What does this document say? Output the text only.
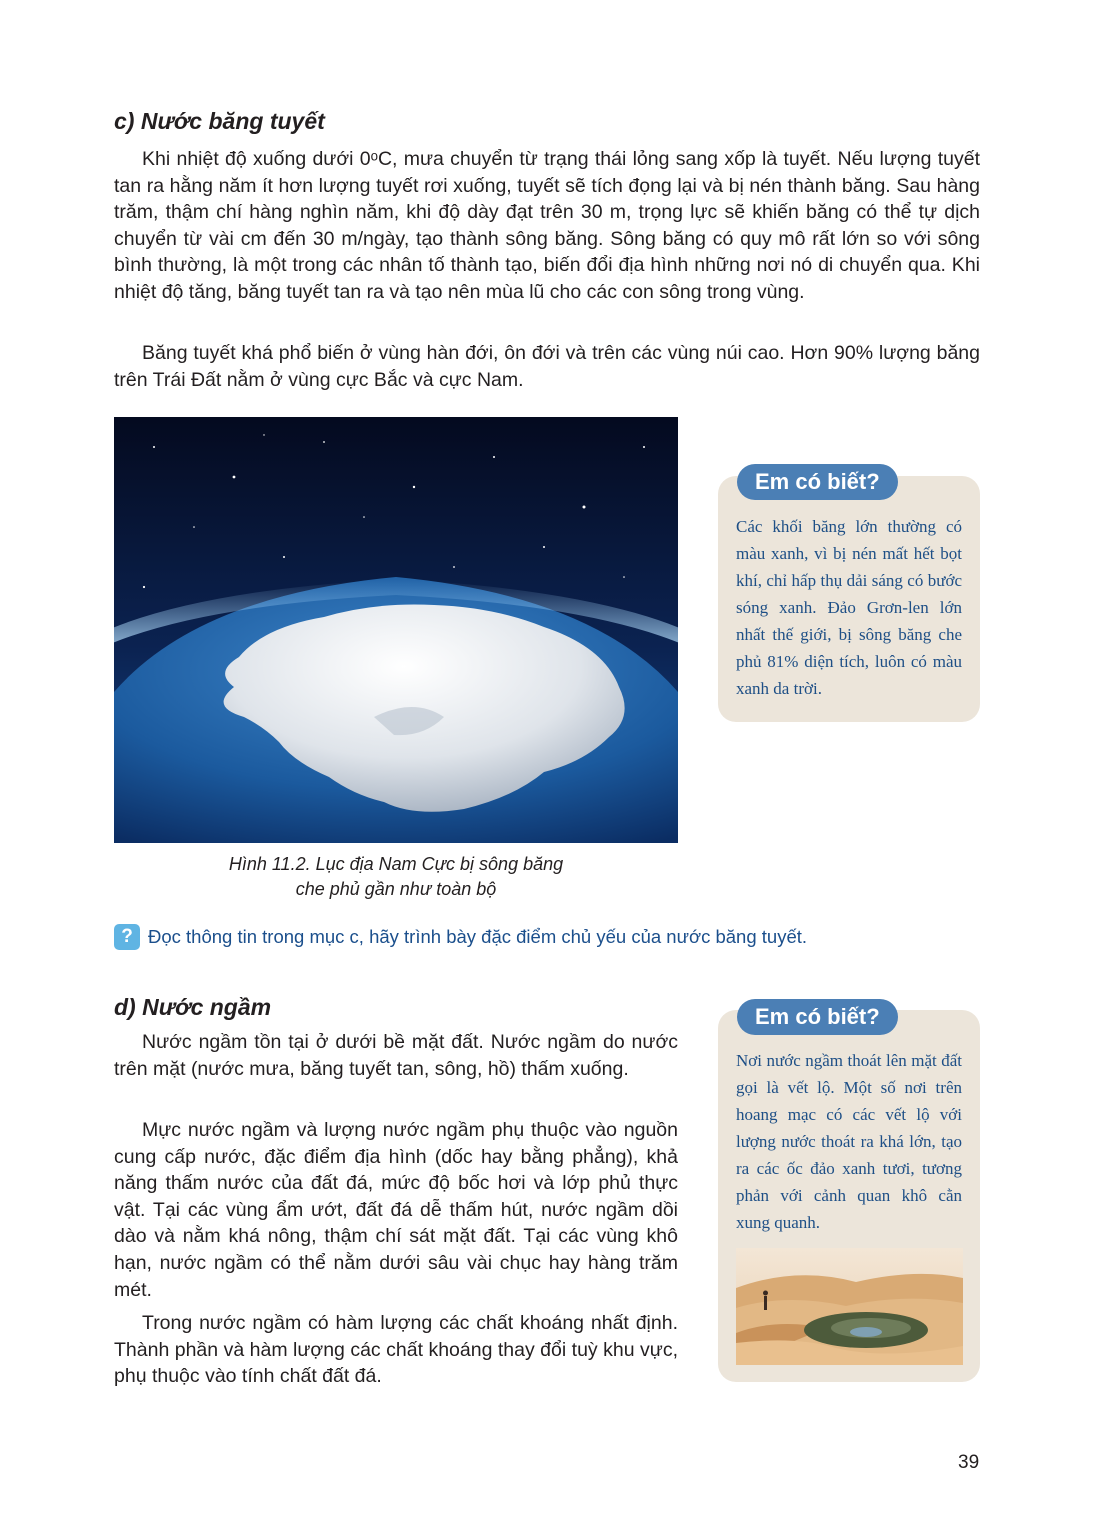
c) Nước băng tuyết

Khi nhiệt độ xuống dưới 0ᵒC, mưa chuyển từ trạng thái lỏng sang xốp là tuyết. Nếu lượng tuyết tan ra hằng năm ít hơn lượng tuyết rơi xuống, tuyết sẽ tích đọng lại và bị nén thành băng. Sau hàng trăm, thậm chí hàng nghìn năm, khi độ dày đạt trên 30 m, trọng lực sẽ khiến băng có thể tự dịch chuyển từ vài cm đến 30 m/ngày, tạo thành sông băng. Sông băng có quy mô rất lớn so với sông bình thường, là một trong các nhân tố thành tạo, biến đổi địa hình những nơi nó di chuyển qua. Khi nhiệt độ tăng, băng tuyết tan ra và tạo nên mùa lũ cho các con sông trong vùng.

Băng tuyết khá phổ biến ở vùng hàn đới, ôn đới và trên các vùng núi cao. Hơn 90% lượng băng trên Trái Đất nằm ở vùng cực Bắc và cực Nam.

Hình 11.2. Lục địa Nam Cực bị sông băng
che phủ gần như toàn bộ

Em có biết?

Các khối băng lớn thường có màu xanh, vì bị nén mất hết bọt khí, chỉ hấp thụ dải sáng có bước sóng xanh. Đảo Grơn-len lớn nhất thế giới, bị sông băng che phủ 81% diện tích, luôn có màu xanh da trời.

? Đọc thông tin trong mục c, hãy trình bày đặc điểm chủ yếu của nước băng tuyết.
d) Nước ngầm

Nước ngầm tồn tại ở dưới bề mặt đất. Nước ngầm do nước trên mặt (nước mưa, băng tuyết tan, sông, hồ) thấm xuống.

Mực nước ngầm và lượng nước ngầm phụ thuộc vào nguồn cung cấp nước, đặc điểm địa hình (dốc hay bằng phẳng), khả năng thấm nước của đất đá, mức độ bốc hơi và lớp phủ thực vật. Tại các vùng ẩm ướt, đất đá dễ thấm hút, nước ngầm dồi dào và nằm khá nông, thậm chí sát mặt đất. Tại các vùng khô hạn, nước ngầm có thể nằm dưới sâu vài chục hay hàng trăm mét.

Trong nước ngầm có hàm lượng các chất khoáng nhất định. Thành phần và hàm lượng các chất khoáng thay đổi tuỳ khu vực, phụ thuộc vào tính chất đất đá.

Em có biết?

Nơi nước ngầm thoát lên mặt đất gọi là vết lộ. Một số nơi trên hoang mạc có các vết lộ với lượng nước thoát ra khá lớn, tạo ra các ốc đảo xanh tươi, tương phản với cảnh quan khô cằn xung quanh.

39
